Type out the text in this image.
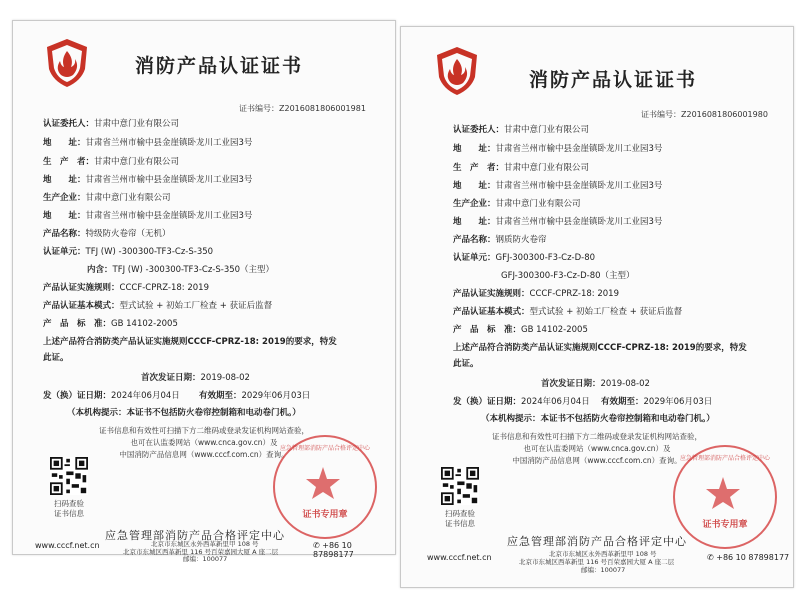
消防产品认证证书
证书编号：Z2016081806001981
认证委托人：甘肃中意门业有限公司
地　　址：甘肃省兰州市榆中县金崖镇卧龙川工业园3号
生　产　者：甘肃中意门业有限公司
地　　址：甘肃省兰州市榆中县金崖镇卧龙川工业园3号
生产企业：甘肃中意门业有限公司
地　　址：甘肃省兰州市榆中县金崖镇卧龙川工业园3号
产品名称：特级防火卷帘（无机）
认证单元：TFJ (W) -300300-TF3-Cz-S-350
内含：TFJ (W) -300300-TF3-Cz-S-350（主型）
产品认证实施规则：CCCF-CPRZ-18: 2019
产品认证基本模式：型式试验 + 初始工厂检查 + 获证后监督
产　品　标　准：GB 14102-2005
上述产品符合消防类产品认证实施规则CCCF-CPRZ-18: 2019的要求，特发
此证。
首次发证日期：2019-08-02
发（换）证日期：2024年06月04日 有效期至：2029年06月03日
（本机构提示：本证书不包括防火卷帘控制箱和电动卷门机。）
证书信息和有效性可扫描下方二维码或登录发证机构网站查验，
也可在认监委网站（www.cnca.gov.cn）及
中国消防产品信息网（www.cccf.com.cn）查询。
扫码查验
证书信息
应急管理部消防产品合格评定中心
证书专用章
应急管理部消防产品合格评定中心
www.cccf.net.cn	✆ +86 10 87898177
北京市东城区永外西革新里甲 108 号
北京市东城区西革新里 116 号百荣嘉园大厦 A 座二层
邮编：100077
消防产品认证证书
证书编号：Z2016081806001980
认证委托人：甘肃中意门业有限公司
地　　址：甘肃省兰州市榆中县金崖镇卧龙川工业园3号
生　产　者：甘肃中意门业有限公司
地　　址：甘肃省兰州市榆中县金崖镇卧龙川工业园3号
生产企业：甘肃中意门业有限公司
地　　址：甘肃省兰州市榆中县金崖镇卧龙川工业园3号
产品名称：钢质防火卷帘
认证单元：GFJ-300300-F3-Cz-D-80
GFJ-300300-F3-Cz-D-80（主型）
产品认证实施规则：CCCF-CPRZ-18: 2019
产品认证基本模式：型式试验 + 初始工厂检查 + 获证后监督
产　品　标　准：GB 14102-2005
上述产品符合消防类产品认证实施规则CCCF-CPRZ-18: 2019的要求，特发
此证。
首次发证日期：2019-08-02
发（换）证日期：2024年06月04日 有效期至：2029年06月03日
（本机构提示：本证书不包括防火卷帘控制箱和电动卷门机。）
证书信息和有效性可扫描下方二维码或登录发证机构网站查验，
也可在认监委网站（www.cnca.gov.cn）及
中国消防产品信息网（www.cccf.com.cn）查询。
扫码查验
证书信息
应急管理部消防产品合格评定中心
证书专用章
应急管理部消防产品合格评定中心
www.cccf.net.cn	✆ +86 10 87898177
北京市东城区永外西革新里甲 108 号
北京市东城区西革新里 116 号百荣嘉园大厦 A 座二层
邮编：100077
